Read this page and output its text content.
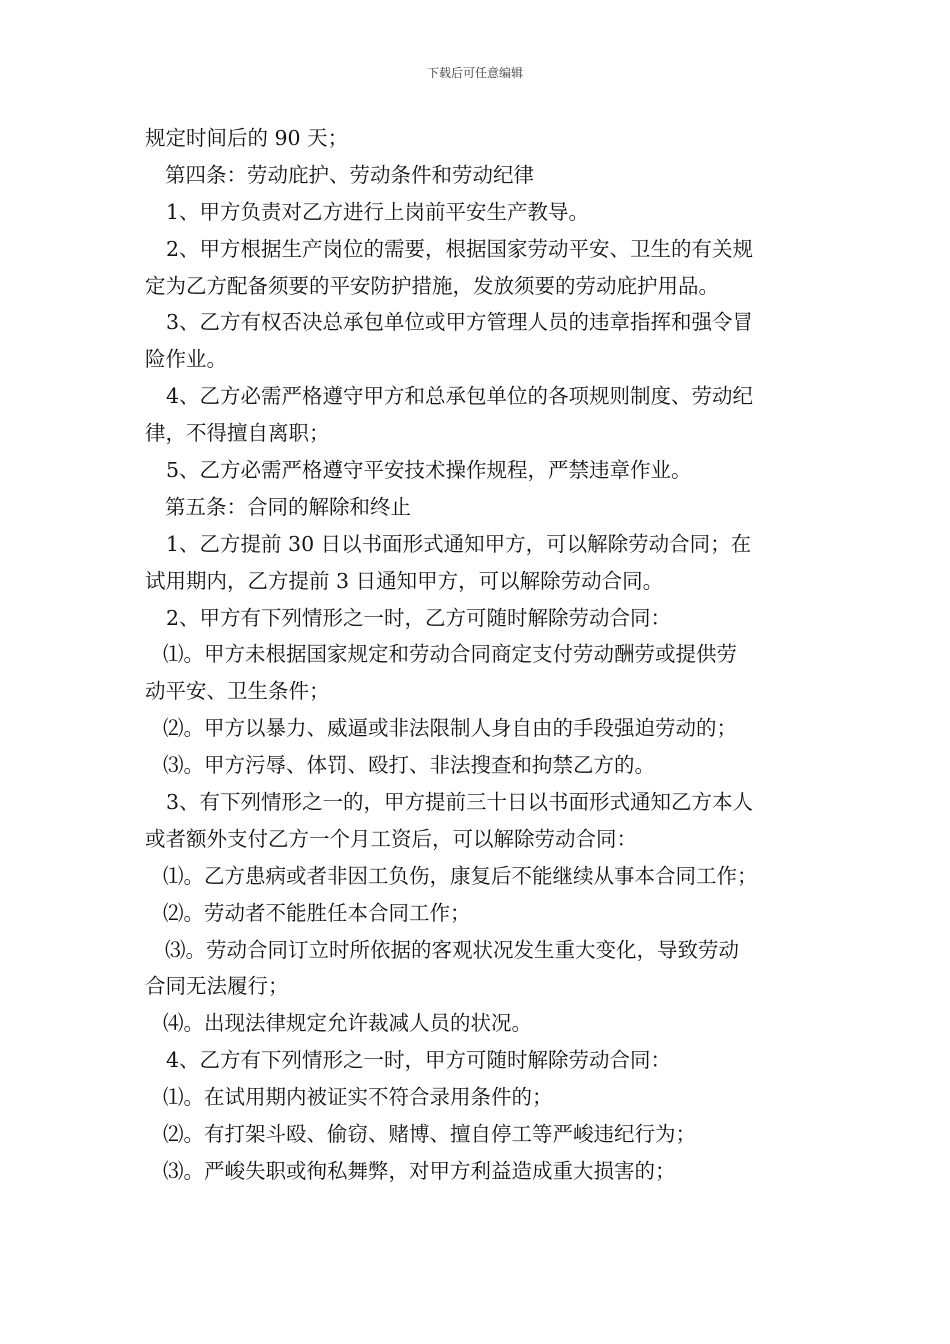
下载后可任意编辑
规定时间后的 90 天；
第四条：劳动庇护、劳动条件和劳动纪律
1、甲方负责对乙方进行上岗前平安生产教导。
2、甲方根据生产岗位的需要，根据国家劳动平安、卫生的有关规
定为乙方配备须要的平安防护措施，发放须要的劳动庇护用品。
3、乙方有权否决总承包单位或甲方管理人员的违章指挥和强令冒
险作业。
4、乙方必需严格遵守甲方和总承包单位的各项规则制度、劳动纪
律，不得擅自离职；
5、乙方必需严格遵守平安技术操作规程，严禁违章作业。
第五条：合同的解除和终止
1、乙方提前 30 日以书面形式通知甲方，可以解除劳动合同；在
试用期内，乙方提前 3 日通知甲方，可以解除劳动合同。
2、甲方有下列情形之一时，乙方可随时解除劳动合同：
⑴。甲方未根据国家规定和劳动合同商定支付劳动酬劳或提供劳
动平安、卫生条件；
⑵。甲方以暴力、威逼或非法限制人身自由的手段强迫劳动的；
⑶。甲方污辱、体罚、殴打、非法搜查和拘禁乙方的。
3、有下列情形之一的，甲方提前三十日以书面形式通知乙方本人
或者额外支付乙方一个月工资后，可以解除劳动合同：
⑴。乙方患病或者非因工负伤，康复后不能继续从事本合同工作；
⑵。劳动者不能胜任本合同工作；
⑶。劳动合同订立时所依据的客观状况发生重大变化，导致劳动
合同无法履行；
⑷。出现法律规定允许裁减人员的状况。
4、乙方有下列情形之一时，甲方可随时解除劳动合同：
⑴。在试用期内被证实不符合录用条件的；
⑵。有打架斗殴、偷窃、赌博、擅自停工等严峻违纪行为；
⑶。严峻失职或徇私舞弊，对甲方利益造成重大损害的；
